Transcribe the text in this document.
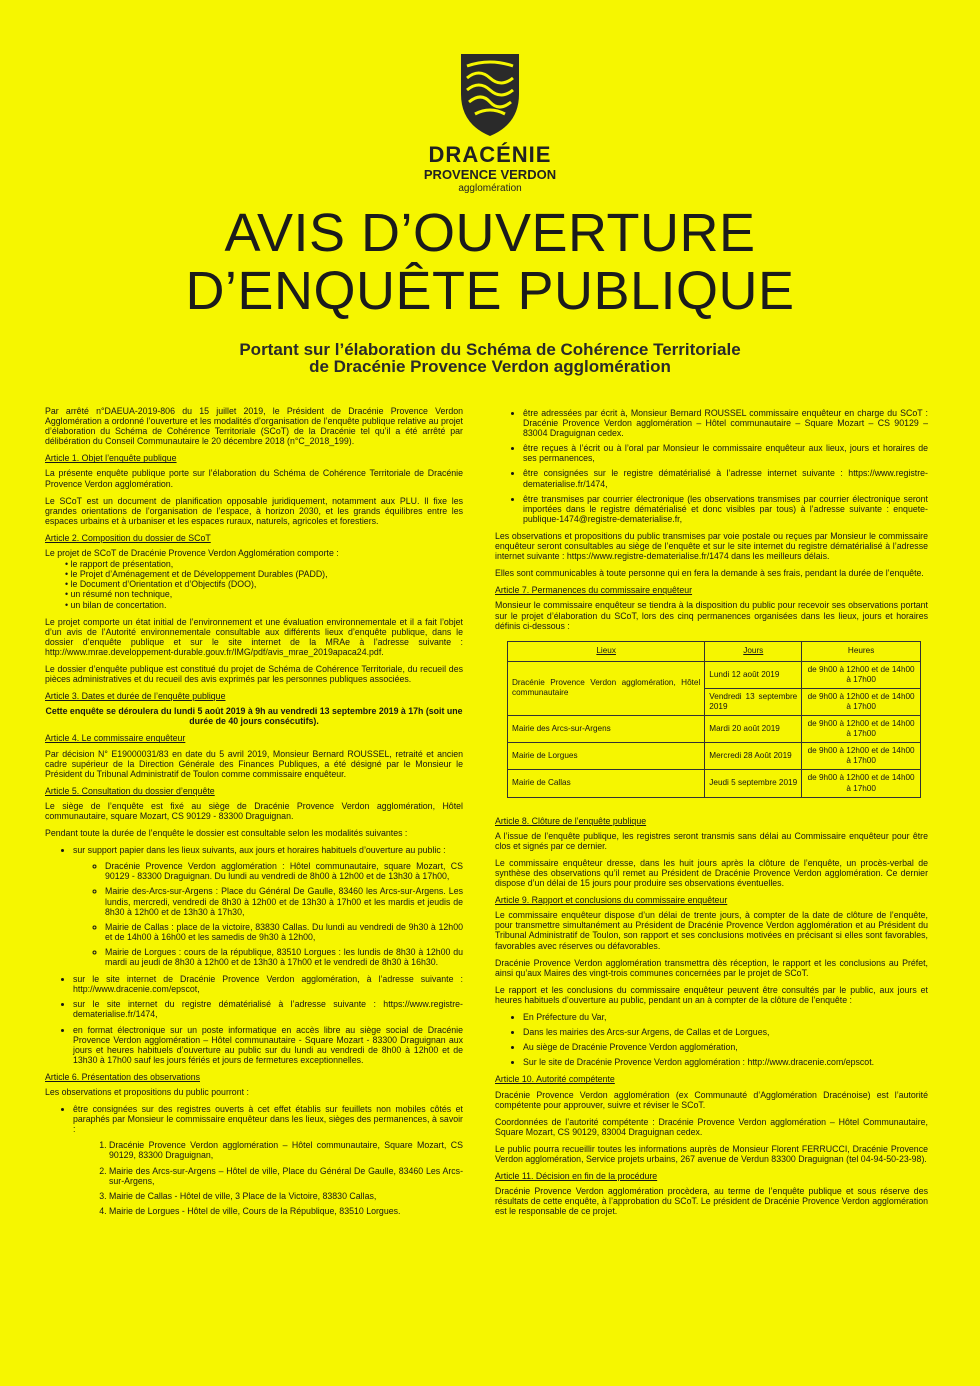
DRACÉNIE
PROVENCE VERDON
agglomération
AVIS D’OUVERTURE
D’ENQUÊTE PUBLIQUE
Portant sur l’élaboration du Schéma de Cohérence Territoriale
de Dracénie Provence Verdon agglomération

Par arrêté n°DAEUA-2019-806 du 15 juillet 2019, le Président de Dracénie Provence Verdon Agglomération a ordonné l’ouverture et les modalités d’organisation de l’enquête publique relative au projet d’élaboration du Schéma de Cohérence Territoriale (SCoT) de la Dracénie tel qu’il a été arrêté par délibération du Conseil Communautaire le 20 décembre 2018 (n°C_2018_199).

Article 1. Objet l’enquête publique

La présente enquête publique porte sur l’élaboration du Schéma de Cohérence Territoriale de Dracénie Provence Verdon agglomération.

Le SCoT est un document de planification opposable juridiquement, notamment aux PLU. Il fixe les grandes orientations de l’organisation de l’espace, à horizon 2030, et les grands équilibres entre les espaces urbains et à urbaniser et les espaces ruraux, naturels, agricoles et forestiers.

Article 2. Composition du dossier de SCoT

Le projet de SCoT de Dracénie Provence Verdon Agglomération comporte :

• le rapport de présentation,
• le Projet d’Aménagement et de Développement Durables (PADD),
• le Document d’Orientation et d’Objectifs (DOO),
• un résumé non technique,
• un bilan de concertation.

Le projet comporte un état initial de l’environnement et une évaluation environnementale et il a fait l’objet d’un avis de l’Autorité environnementale consultable aux différents lieux d’enquête publique, dans le dossier d’enquête publique et sur le site internet de la MRAe à l’adresse suivante : http://www.mrae.developpement-durable.gouv.fr/IMG/pdf/avis_mrae_2019apaca24.pdf.

Le dossier d’enquête publique est constitué du projet de Schéma de Cohérence Territoriale, du recueil des pièces administratives et du recueil des avis exprimés par les personnes publiques associées.

Article 3. Dates et durée de l’enquête publique

Cette enquête se déroulera du lundi 5 août 2019 à 9h au vendredi 13 septembre 2019 à 17h (soit une durée de 40 jours consécutifs).

Article 4. Le commissaire enquêteur

Par décision N° E19000031/83 en date du 5 avril 2019, Monsieur Bernard ROUSSEL, retraité et ancien cadre supérieur de la Direction Générale des Finances Publiques, a été désigné par le Monsieur le Président du Tribunal Administratif de Toulon comme commissaire enquêteur.

Article 5. Consultation du dossier d’enquête

Le siège de l’enquête est fixé au siège de Dracénie Provence Verdon agglomération, Hôtel communautaire, square Mozart, CS 90129 - 83300 Draguignan.

Pendant toute la durée de l’enquête le dossier est consultable selon les modalités suivantes :

• sur support papier dans les lieux suivants, aux jours et horaires habituels d’ouverture au public :
◦ Dracénie Provence Verdon agglomération : Hôtel communautaire, square Mozart, CS 90129 - 83300 Draguignan. Du lundi au vendredi de 8h00 à 12h00 et de 13h30 à 17h00,
◦ Mairie des-Arcs-sur-Argens : Place du Général De Gaulle, 83460 les Arcs-sur-Argens. Les lundis, mercredi, vendredi de 8h30 à 12h00 et de 13h30 à 17h00 et les mardis et jeudis de 8h30 à 12h00 et de 13h30 à 17h30,
◦ Mairie de Callas : place de la victoire, 83830 Callas. Du lundi au vendredi de 9h30 à 12h00 et de 14h00 à 16h00 et les samedis de 9h30 à 12h00,
◦ Mairie de Lorgues : cours de la république, 83510 Lorgues : les lundis de 8h30 à 12h00 du mardi au jeudi de 8h30 à 12h00 et de 13h30 à 17h00 et le vendredi de 8h30 à 16h30.
• sur le site internet de Dracénie Provence Verdon agglomération, à l’adresse suivante : http://www.dracenie.com/epscot,
• sur le site internet du registre dématérialisé à l’adresse suivante : https://www.registre-dematerialise.fr/1474,
• en format électronique sur un poste informatique en accès libre au siège social de Dracénie Provence Verdon agglomération – Hôtel communautaire - Square Mozart - 83300 Draguignan aux jours et heures habituels d’ouverture au public sur du lundi au vendredi de 8h00 à 12h00 et de 13h30 à 17h00 sauf les jours fériés et jours de fermetures exceptionnelles.
Article 6. Présentation des observations

Les observations et propositions du public pourront :

• être consignées sur des registres ouverts à cet effet établis sur feuillets non mobiles côtés et paraphés par Monsieur le commissaire enquêteur dans les lieux, sièges des permanences, à savoir :
1. Dracénie Provence Verdon agglomération – Hôtel communautaire, Square Mozart, CS 90129, 83300 Draguignan,
2. Mairie des Arcs-sur-Argens – Hôtel de ville, Place du Général De Gaulle, 83460 Les Arcs-sur-Argens,
3. Mairie de Callas - Hôtel de ville, 3 Place de la Victoire, 83830 Callas,
4. Mairie de Lorgues - Hôtel de ville, Cours de la République, 83510 Lorgues.
• être adressées par écrit à, Monsieur Bernard ROUSSEL commissaire enquêteur en charge du SCoT : Dracénie Provence Verdon agglomération – Hôtel communautaire – Square Mozart – CS 90129 – 83004 Draguignan cedex.
• être reçues à l’écrit ou à l’oral par Monsieur le commissaire enquêteur aux lieux, jours et horaires de ses permanences,
• être consignées sur le registre dématérialisé à l’adresse internet suivante : https://www.registre-dematerialise.fr/1474,
• être transmises par courrier électronique (les observations transmises par courrier électronique seront importées dans le registre dématérialisé et donc visibles par tous) à l’adresse suivante : enquete-publique-1474@registre-dematerialise.fr,

Les observations et propositions du public transmises par voie postale ou reçues par Monsieur le commissaire enquêteur seront consultables au siège de l’enquête et sur le site internet du registre dématérialisé à l’adresse internet suivante : https://www.registre-dematerialise.fr/1474 dans les meilleurs délais.

Elles sont communicables à toute personne qui en fera la demande à ses frais, pendant la durée de l’enquête.

Article 7. Permanences du commissaire enquêteur

Monsieur le commissaire enquêteur se tiendra à la disposition du public pour recevoir ses observations portant sur le projet d’élaboration du SCoT, lors des cinq permanences organisées dans les lieux, jours et horaires définis ci-dessous :

Lieux	Jours	Heures
Dracénie Provence Verdon agglomération, Hôtel communautaire	Lundi 12 août 2019	de 9h00 à 12h00 et de 14h00 à 17h00
	Vendredi 13 septembre 2019	de 9h00 à 12h00 et de 14h00 à 17h00
Mairie des Arcs-sur-Argens	Mardi 20 août 2019	de 9h00 à 12h00 et de 14h00 à 17h00
Mairie de Lorgues	Mercredi 28 Août 2019	de 9h00 à 12h00 et de 14h00 à 17h00
Mairie de Callas	Jeudi 5 septembre 2019	de 9h00 à 12h00 et de 14h00 à 17h00
Article 8. Clôture de l’enquête publique

A l’issue de l’enquête publique, les registres seront transmis sans délai au Commissaire enquêteur pour être clos et signés par ce dernier.

Le commissaire enquêteur dresse, dans les huit jours après la clôture de l’enquête, un procès-verbal de synthèse des observations qu’il remet au Président de Dracénie Provence Verdon agglomération. Ce dernier dispose d’un délai de 15 jours pour produire ses observations éventuelles.

Article 9. Rapport et conclusions du commissaire enquêteur

Le commissaire enquêteur dispose d’un délai de trente jours, à compter de la date de clôture de l’enquête, pour transmettre simultanément au Président de Dracénie Provence Verdon agglomération et au Président du Tribunal Administratif de Toulon, son rapport et ses conclusions motivées en précisant si elles sont favorables, favorables avec réserves ou défavorables.

Dracénie Provence Verdon agglomération transmettra dès réception, le rapport et les conclusions au Préfet, ainsi qu’aux Maires des vingt-trois communes concernées par le projet de SCoT.

Le rapport et les conclusions du commissaire enquêteur peuvent être consultés par le public, aux jours et heures habituels d’ouverture au public, pendant un an à compter de la clôture de l’enquête :

• En Préfecture du Var,
• Dans les mairies des Arcs-sur Argens, de Callas et de Lorgues,
• Au siège de Dracénie Provence Verdon agglomération,
• Sur le site de Dracénie Provence Verdon agglomération : http://www.dracenie.com/epscot.
Article 10. Autorité compétente

Dracénie Provence Verdon agglomération (ex Communauté d’Agglomération Dracénoise) est l’autorité compétente pour approuver, suivre et réviser le SCoT.

Coordonnées de l’autorité compétente : Dracénie Provence Verdon agglomération – Hôtel Communautaire, Square Mozart, CS 90129, 83004 Draguignan cedex.

Le public pourra recueillir toutes les informations auprès de Monsieur Florent FERRUCCI, Dracénie Provence Verdon agglomération, Service projets urbains, 267 avenue de Verdun 83300 Draguignan (tel 04-94-50-23-98).

Article 11. Décision en fin de la procédure

Dracénie Provence Verdon agglomération procèdera, au terme de l’enquête publique et sous réserve des résultats de cette enquête, à l’approbation du SCoT. Le président de Dracénie Provence Verdon agglomération est le responsable de ce projet.
